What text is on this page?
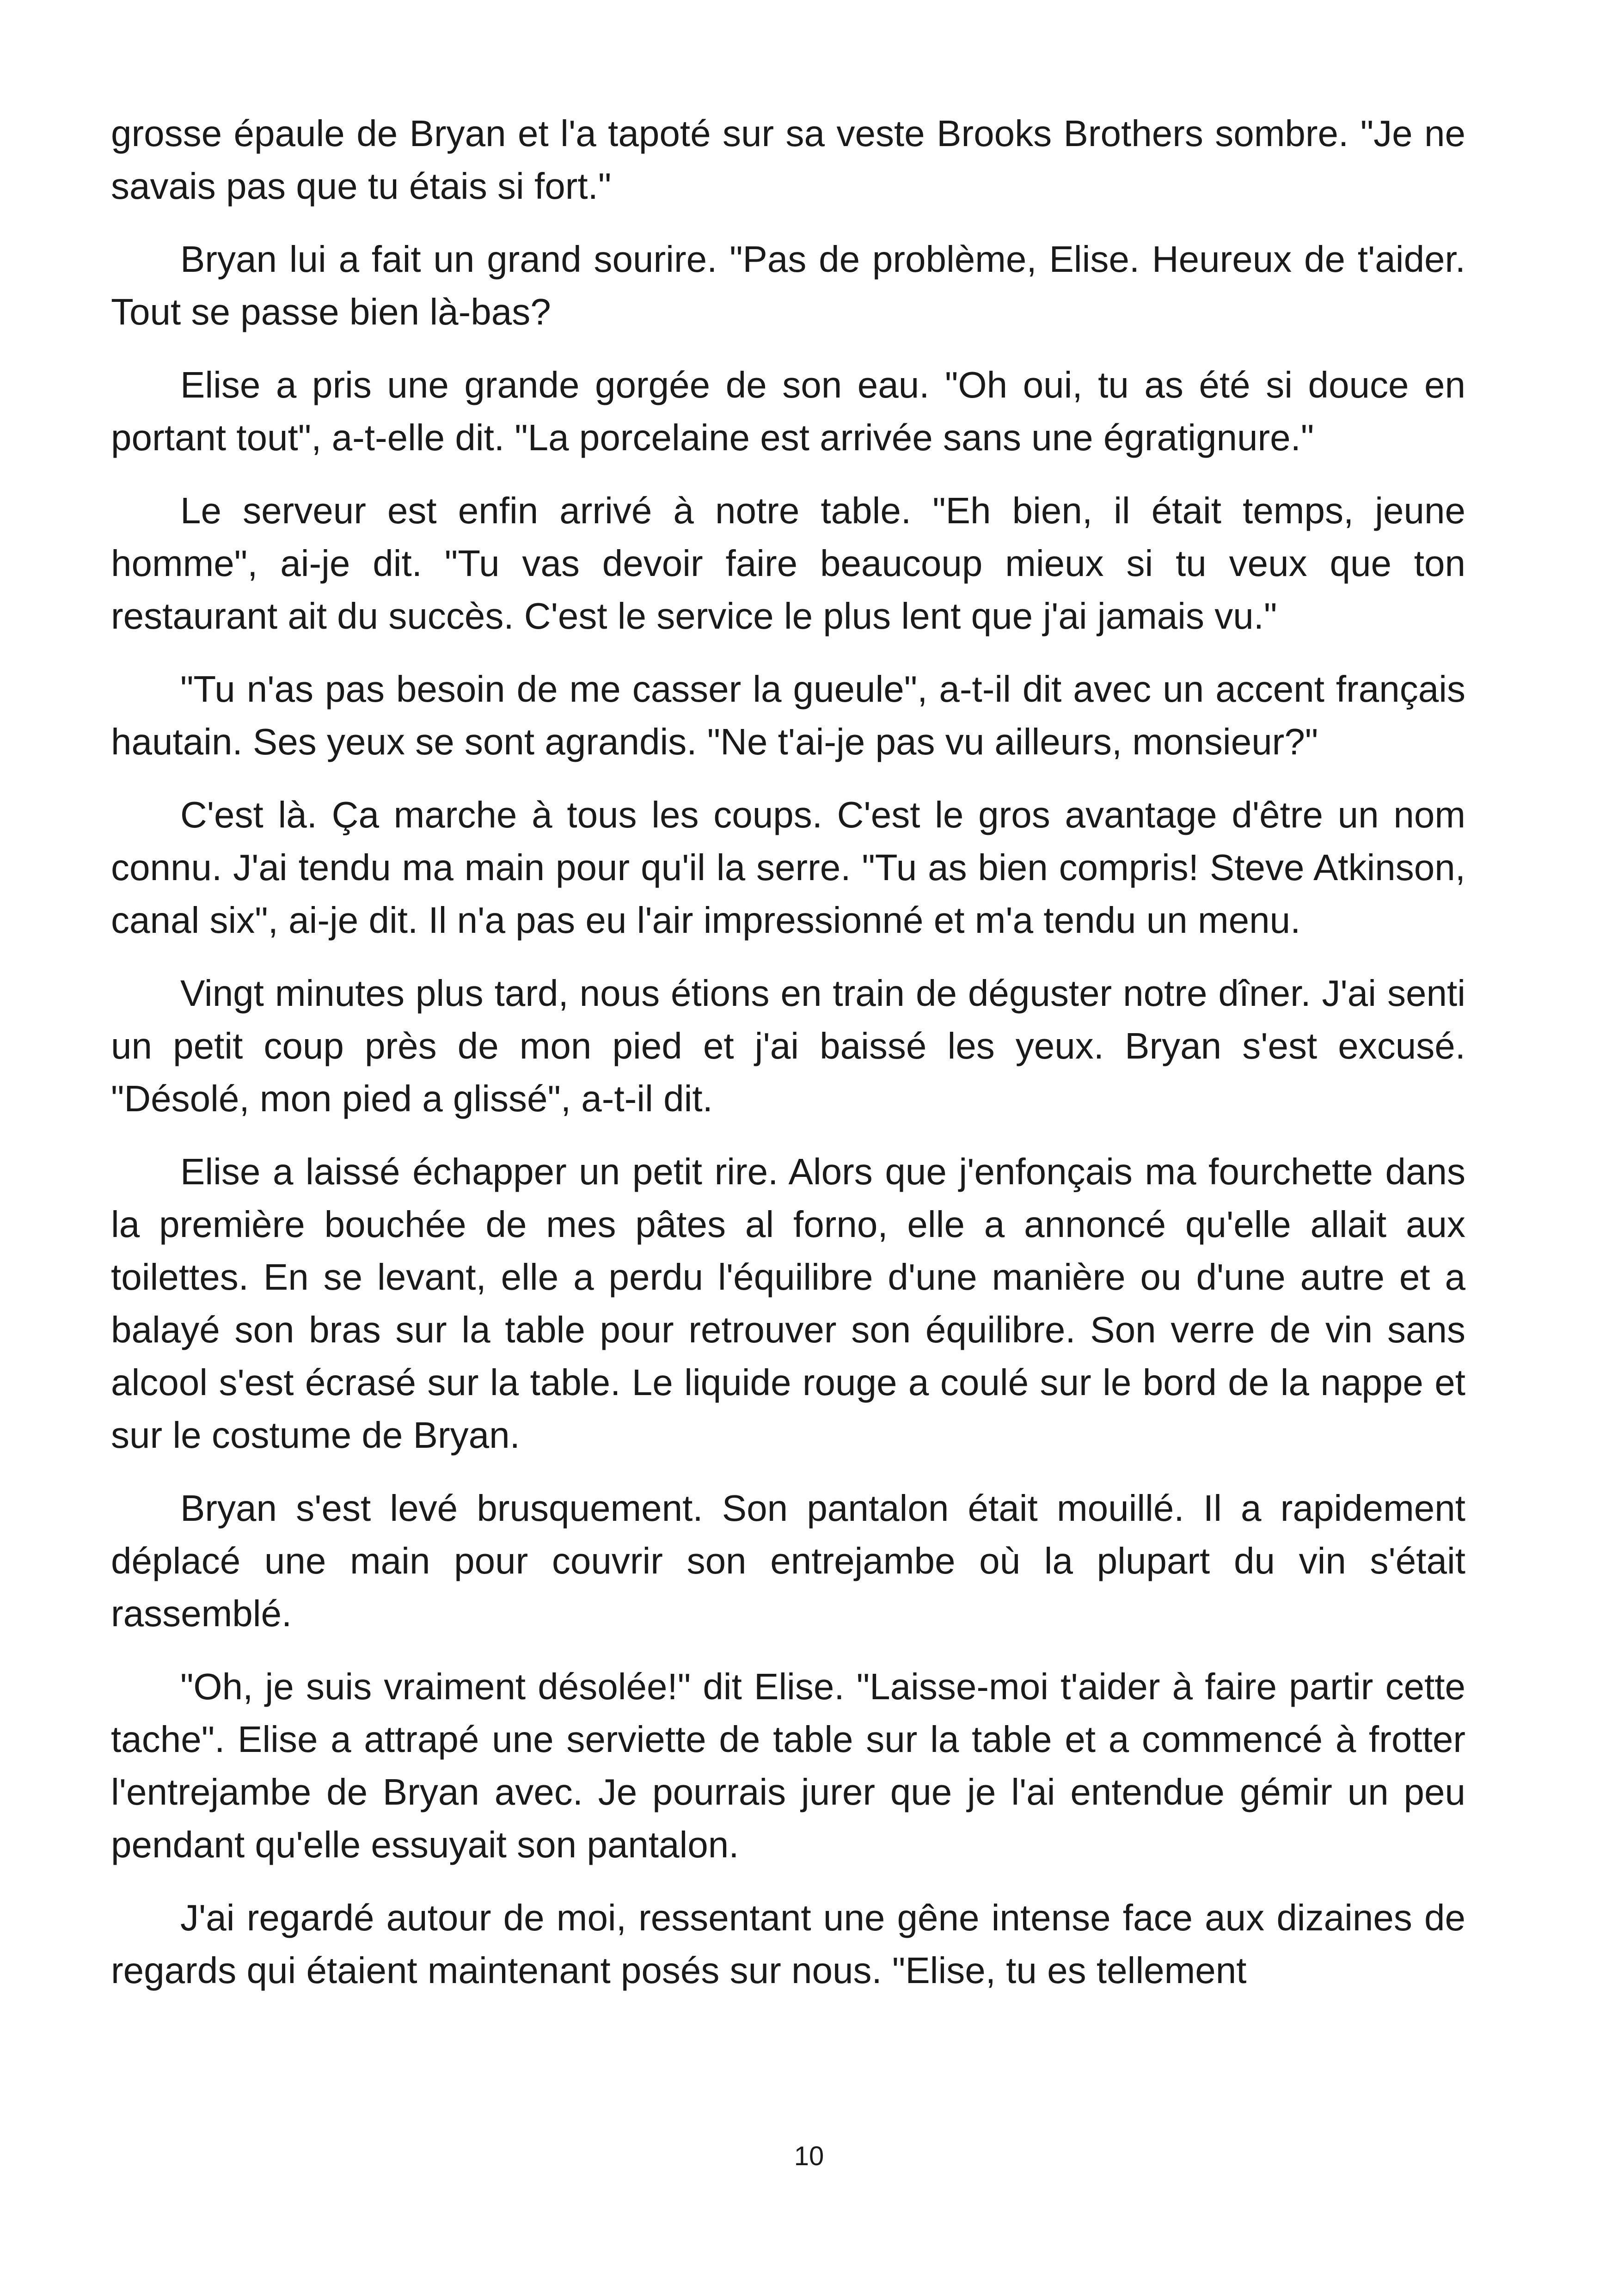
grosse épaule de Bryan et l'a tapoté sur sa veste Brooks Brothers sombre. "Je ne savais pas que tu étais si fort."

Bryan lui a fait un grand sourire. "Pas de problème, Elise. Heureux de t'aider. Tout se passe bien là-bas?

Elise a pris une grande gorgée de son eau. "Oh oui, tu as été si douce en portant tout", a-t-elle dit. "La porcelaine est arrivée sans une égratignure."

Le serveur est enfin arrivé à notre table. "Eh bien, il était temps, jeune homme", ai-je dit. "Tu vas devoir faire beaucoup mieux si tu veux que ton restaurant ait du succès. C'est le service le plus lent que j'ai jamais vu."

"Tu n'as pas besoin de me casser la gueule", a-t-il dit avec un accent français hautain. Ses yeux se sont agrandis. "Ne t'ai-je pas vu ailleurs, monsieur?"

C'est là. Ça marche à tous les coups. C'est le gros avantage d'être un nom connu. J'ai tendu ma main pour qu'il la serre. "Tu as bien compris! Steve Atkinson, canal six", ai-je dit. Il n'a pas eu l'air impressionné et m'a tendu un menu.

Vingt minutes plus tard, nous étions en train de déguster notre dîner. J'ai senti un petit coup près de mon pied et j'ai baissé les yeux. Bryan s'est excusé. "Désolé, mon pied a glissé", a-t-il dit.

Elise a laissé échapper un petit rire. Alors que j'enfonçais ma fourchette dans la première bouchée de mes pâtes al forno, elle a annoncé qu'elle allait aux toilettes. En se levant, elle a perdu l'équilibre d'une manière ou d'une autre et a balayé son bras sur la table pour retrouver son équilibre. Son verre de vin sans alcool s'est écrasé sur la table. Le liquide rouge a coulé sur le bord de la nappe et sur le costume de Bryan.

Bryan s'est levé brusquement. Son pantalon était mouillé. Il a rapidement déplacé une main pour couvrir son entrejambe où la plupart du vin s'était rassemblé.

"Oh, je suis vraiment désolée!" dit Elise. "Laisse-moi t'aider à faire partir cette tache". Elise a attrapé une serviette de table sur la table et a commencé à frotter l'entrejambe de Bryan avec. Je pourrais jurer que je l'ai entendue gémir un peu pendant qu'elle essuyait son pantalon.

J'ai regardé autour de moi, ressentant une gêne intense face aux dizaines de regards qui étaient maintenant posés sur nous. "Elise, tu es tellement

10
